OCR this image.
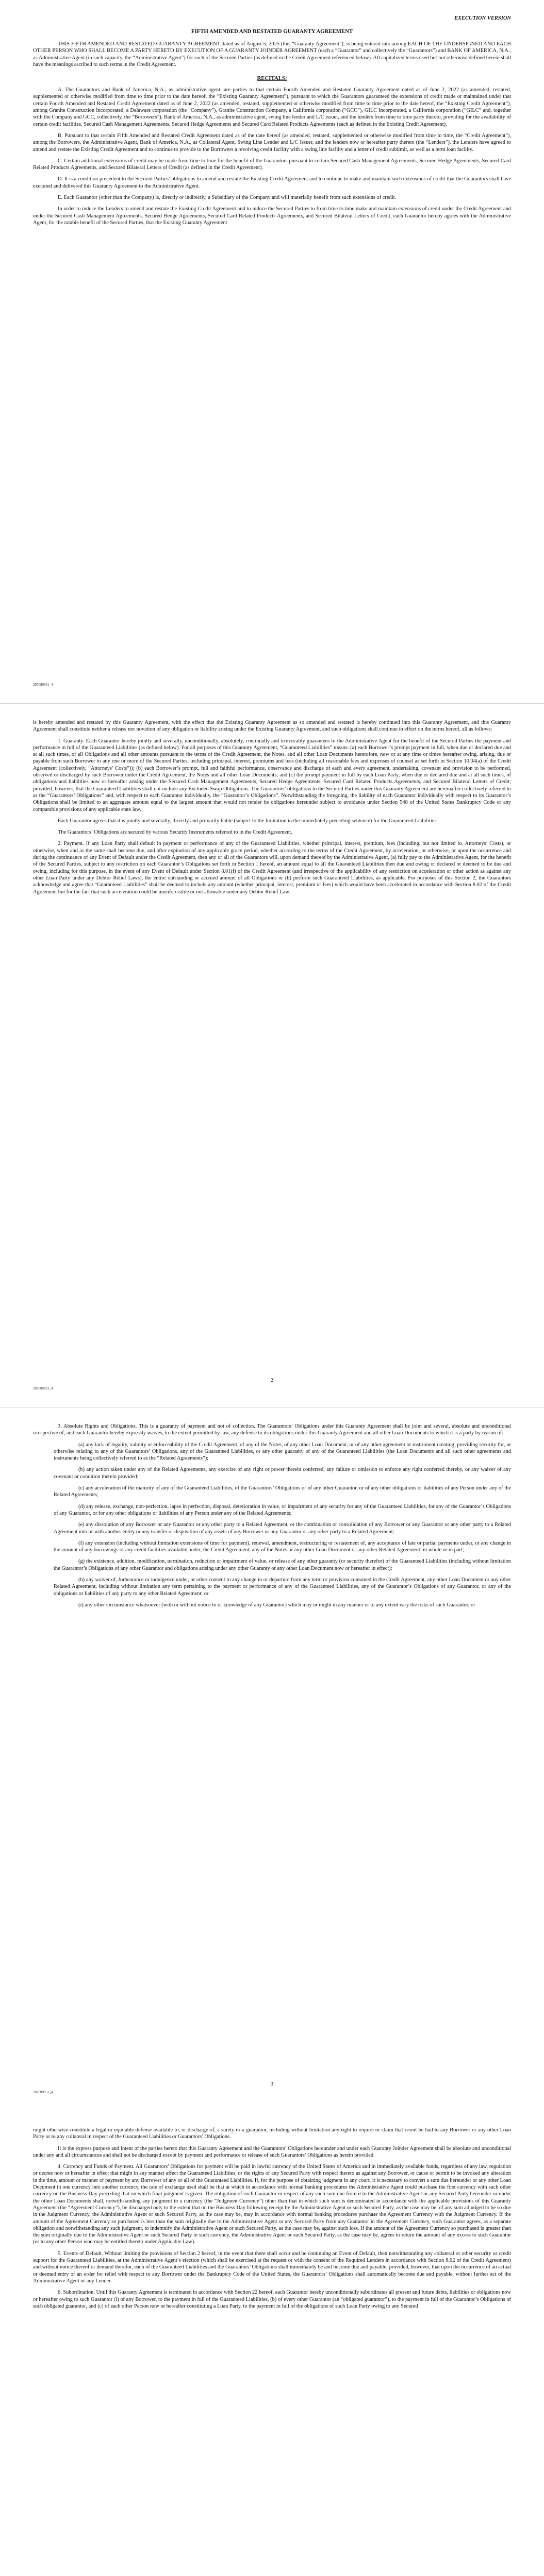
EXECUTION VERSION
FIFTH AMENDED AND RESTATED GUARANTY AGREEMENT

THIS FIFTH AMENDED AND RESTATED GUARANTY AGREEMENT dated as of August 5, 2025 (this “Guaranty Agreement”), is being entered into among EACH OF THE UNDERSIGNED AND EACH OTHER PERSON WHO SHALL BECOME A PARTY HERETO BY EXECUTION OF A GUARANTY JOINDER AGREEMENT (each a “Guarantor” and collectively the “Guarantors”) and BANK OF AMERICA, N.A., as Administrative Agent (in such capacity, the “Administrative Agent”) for each of the Secured Parties (as defined in the Credit Agreement referenced below). All capitalized terms used but not otherwise defined herein shall have the meanings ascribed to such terms in the Credit Agreement.

RECITALS:

A. The Guarantors and Bank of America, N.A., as administrative agent, are parties to that certain Fourth Amended and Restated Guaranty Agreement dated as of June 2, 2022 (as amended, restated, supplemented or otherwise modified from time to time prior to the date hereof, the “Existing Guaranty Agreement”), pursuant to which the Guarantors guaranteed the extensions of credit made or maintained under that certain Fourth Amended and Restated Credit Agreement dated as of June 2, 2022 (as amended, restated, supplemented or otherwise modified from time to time prior to the date hereof, the “Existing Credit Agreement”), among Granite Construction Incorporated, a Delaware corporation (the “Company”), Granite Construction Company, a California corporation (“GCC”), GILC Incorporated, a California corporation (“GILC” and, together with the Company and GCC, collectively, the “Borrowers”), Bank of America, N.A., as administrative agent, swing line lender and L/C issuer, and the lenders from time to time party thereto, providing for the availability of certain credit facilities, Secured Cash Management Agreements, Secured Hedge Agreements and Secured Card Related Products Agreements (each as defined in the Existing Credit Agreement).

B. Pursuant to that certain Fifth Amended and Restated Credit Agreement dated as of the date hereof (as amended, restated, supplemented or otherwise modified from time to time, the “Credit Agreement”), among the Borrowers, the Administrative Agent, Bank of America, N.A., as Collateral Agent, Swing Line Lender and L/C Issuer, and the lenders now or hereafter party thereto (the “Lenders”), the Lenders have agreed to amend and restate the Existing Credit Agreement and to continue to provide to the Borrowers a revolving credit facility with a swing line facility and a letter of credit sublimit, as well as a term loan facility.

C. Certain additional extensions of credit may be made from time to time for the benefit of the Guarantors pursuant to certain Secured Cash Management Agreements, Secured Hedge Agreements, Secured Card Related Products Agreements, and Secured Bilateral Letters of Credit (as defined in the Credit Agreement).

D. It is a condition precedent to the Secured Parties’ obligations to amend and restate the Existing Credit Agreement and to continue to make and maintain such extensions of credit that the Guarantors shall have executed and delivered this Guaranty Agreement to the Administrative Agent.

E. Each Guarantor (other than the Company) is, directly or indirectly, a Subsidiary of the Company and will materially benefit from such extensions of credit.

In order to induce the Lenders to amend and restate the Existing Credit Agreement and to induce the Secured Parties to from time to time make and maintain extensions of credit under the Credit Agreement and under the Secured Cash Management Agreements, Secured Hedge Agreements, Secured Card Related Products Agreements, and Secured Bilateral Letters of Credit, each Guarantor hereby agrees with the Administrative Agent, for the ratable benefit of the Secured Parties, that the Existing Guaranty Agreement

207089851_4

is hereby amended and restated by this Guaranty Agreement, with the effect that the Existing Guaranty Agreement as so amended and restated is hereby continued into this Guaranty Agreement, and this Guaranty Agreement shall constitute neither a release nor novation of any obligation or liability arising under the Existing Guaranty Agreement, and such obligations shall continue in effect on the terms hereof, all as follows:

1. Guaranty. Each Guarantor hereby jointly and severally, unconditionally, absolutely, continually and irrevocably guarantees to the Administrative Agent for the benefit of the Secured Parties the payment and performance in full of the Guaranteed Liabilities (as defined below). For all purposes of this Guaranty Agreement, “Guaranteed Liabilities” means: (a) each Borrower’s prompt payment in full, when due or declared due and at all such times, of all Obligations and all other amounts pursuant to the terms of the Credit Agreement, the Notes, and all other Loan Documents heretofore, now or at any time or times hereafter owing, arising, due or payable from such Borrower to any one or more of the Secured Parties, including principal, interest, premiums and fees (including all reasonable fees and expenses of counsel as set forth in Section 10.04(a) of the Credit Agreement (collectively, “Attorneys’ Costs”)); (b) each Borrower’s prompt, full and faithful performance, observance and discharge of each and every agreement, undertaking, covenant and provision to be performed, observed or discharged by such Borrower under the Credit Agreement, the Notes and all other Loan Documents; and (c) the prompt payment in full by each Loan Party, when due or declared due and at all such times, of obligations and liabilities now or hereafter arising under the Secured Cash Management Agreements, Secured Hedge Agreements, Secured Card Related Products Agreements, and Secured Bilateral Letters of Credit; provided, however, that the Guaranteed Liabilities shall not include any Excluded Swap Obligations. The Guarantors’ obligations to the Secured Parties under this Guaranty Agreement are hereinafter collectively referred to as the “Guarantors’ Obligations” and, with respect to each Guarantor individually, the “Guarantor’s Obligations”. Notwithstanding the foregoing, the liability of each Guarantor individually with respect to its Guarantor’s Obligations shall be limited to an aggregate amount equal to the largest amount that would not render its obligations hereunder subject to avoidance under Section 548 of the United States Bankruptcy Code or any comparable provisions of any applicable state law.

Each Guarantor agrees that it is jointly and severally, directly and primarily liable (subject to the limitation in the immediately preceding sentence) for the Guaranteed Liabilities.

The Guarantors’ Obligations are secured by various Security Instruments referred to in the Credit Agreement.

2. Payment. If any Loan Party shall default in payment or performance of any of the Guaranteed Liabilities, whether principal, interest, premium, fees (including, but not limited to, Attorneys’ Costs), or otherwise, when and as the same shall become due, and after expiration of any applicable grace period, whether according to the terms of the Credit Agreement, by acceleration, or otherwise, or upon the occurrence and during the continuance of any Event of Default under the Credit Agreement, then any or all of the Guarantors will, upon demand thereof by the Administrative Agent, (a) fully pay to the Administrative Agent, for the benefit of the Secured Parties, subject to any restriction on each Guarantor’s Obligations set forth in Section 1 hereof, an amount equal to all the Guaranteed Liabilities then due and owing or declared or deemed to be due and owing, including for this purpose, in the event of any Event of Default under Section 8.01(f) of the Credit Agreement (and irrespective of the applicability of any restriction on acceleration or other action as against any other Loan Party under any Debtor Relief Laws), the entire outstanding or accrued amount of all Obligations or (b) perform such Guaranteed Liabilities, as applicable. For purposes of this Section 2, the Guarantors acknowledge and agree that “Guaranteed Liabilities” shall be deemed to include any amount (whether principal, interest, premium or fees) which would have been accelerated in accordance with Section 8.02 of the Credit Agreement but for the fact that such acceleration could be unenforceable or not allowable under any Debtor Relief Law.

2
207089851_4

3. Absolute Rights and Obligations. This is a guaranty of payment and not of collection. The Guarantors’ Obligations under this Guaranty Agreement shall be joint and several, absolute and unconditional irrespective of, and each Guarantor hereby expressly waives, to the extent permitted by law, any defense to its obligations under this Guaranty Agreement and all other Loan Documents to which it is a party by reason of:

(a) any lack of legality, validity or enforceability of the Credit Agreement, of any of the Notes, of any other Loan Document, or of any other agreement or instrument creating, providing security for, or otherwise relating to any of the Guarantors’ Obligations, any of the Guaranteed Liabilities, or any other guaranty of any of the Guaranteed Liabilities (the Loan Documents and all such other agreements and instruments being collectively referred to as the “Related Agreements”);

(b) any action taken under any of the Related Agreements, any exercise of any right or power therein conferred, any failure or omission to enforce any right conferred thereby, or any waiver of any covenant or condition therein provided;

(c) any acceleration of the maturity of any of the Guaranteed Liabilities, of the Guarantors’ Obligations or of any other Guarantor, or of any other obligations or liabilities of any Person under any of the Related Agreements;

(d) any release, exchange, non-perfection, lapse in perfection, disposal, deterioration in value, or impairment of any security for any of the Guaranteed Liabilities, for any of the Guarantor’s Obligations of any Guarantor, or for any other obligations or liabilities of any Person under any of the Related Agreements;

(e) any dissolution of any Borrower or any Guarantor or any other party to a Related Agreement, or the combination or consolidation of any Borrower or any Guarantor or any other party to a Related Agreement into or with another entity or any transfer or disposition of any assets of any Borrower or any Guarantor or any other party to a Related Agreement;

(f) any extension (including without limitation extensions of time for payment), renewal, amendment, restructuring or restatement of, any acceptance of late or partial payments under, or any change in the amount of any borrowings or any credit facilities available under, the Credit Agreement, any of the Notes or any other Loan Document or any other Related Agreement, in whole or in part;

(g) the existence, addition, modification, termination, reduction or impairment of value, or release of any other guaranty (or security therefor) of the Guaranteed Liabilities (including without limitation the Guarantor’s Obligations of any other Guarantor and obligations arising under any other Guaranty or any other Loan Document now or hereafter in effect);

(h) any waiver of, forbearance or indulgence under, or other consent to any change in or departure from any term or provision contained in the Credit Agreement, any other Loan Document or any other Related Agreement, including without limitation any term pertaining to the payment or performance of any of the Guaranteed Liabilities, any of the Guarantor’s Obligations of any Guarantor, or any of the obligations or liabilities of any party to any other Related Agreement; or

(i) any other circumstance whatsoever (with or without notice to or knowledge of any Guarantor) which may or might in any manner or to any extent vary the risks of such Guarantor, or

3
207089851_4

might otherwise constitute a legal or equitable defense available to, or discharge of, a surety or a guarantor, including without limitation any right to require or claim that resort be had to any Borrower or any other Loan Party or to any collateral in respect of the Guaranteed Liabilities or Guarantors’ Obligations.

It is the express purpose and intent of the parties hereto that this Guaranty Agreement and the Guarantors’ Obligations hereunder and under each Guaranty Joinder Agreement shall be absolute and unconditional under any and all circumstances and shall not be discharged except by payment and performance or release of such Guarantors’ Obligations as herein provided.

4. Currency and Funds of Payment. All Guarantors’ Obligations for payment will be paid in lawful currency of the United States of America and in immediately available funds, regardless of any law, regulation or decree now or hereafter in effect that might in any manner affect the Guaranteed Liabilities, or the rights of any Secured Party with respect thereto as against any Borrower, or cause or permit to be invoked any alteration in the time, amount or manner of payment by any Borrower of any or all of the Guaranteed Liabilities. If, for the purpose of obtaining judgment in any court, it is necessary to convert a sum due hereunder or any other Loan Document in one currency into another currency, the rate of exchange used shall be that at which in accordance with normal banking procedures the Administrative Agent could purchase the first currency with such other currency on the Business Day preceding that on which final judgment is given. The obligation of each Guarantor in respect of any such sum due from it to the Administrative Agent or any Secured Party hereunder or under the other Loan Documents shall, notwithstanding any judgment in a currency (the “Judgment Currency”) other than that in which such sum is denominated in accordance with the applicable provisions of this Guaranty Agreement (the “Agreement Currency”), be discharged only to the extent that on the Business Day following receipt by the Administrative Agent or such Secured Party, as the case may be, of any sum adjudged to be so due in the Judgment Currency, the Administrative Agent or such Secured Party, as the case may be, may in accordance with normal banking procedures purchase the Agreement Currency with the Judgment Currency. If the amount of the Agreement Currency so purchased is less than the sum originally due to the Administrative Agent or any Secured Party from any Guarantor in the Agreement Currency, such Guarantor agrees, as a separate obligation and notwithstanding any such judgment, to indemnify the Administrative Agent or such Secured Party, as the case may be, against such loss. If the amount of the Agreement Currency so purchased is greater than the sum originally due to the Administrative Agent or such Secured Party in such currency, the Administrative Agent or such Secured Party, as the case may be, agrees to return the amount of any excess to such Guarantor (or to any other Person who may be entitled thereto under Applicable Law).

5. Events of Default. Without limiting the provisions of Section 2 hereof, in the event that there shall occur and be continuing an Event of Default, then notwithstanding any collateral or other security or credit support for the Guaranteed Liabilities, at the Administrative Agent’s election (which shall be exercised at the request or with the consent of the Required Lenders in accordance with Section 8.02 of the Credit Agreement) and without notice thereof or demand therefor, each of the Guaranteed Liabilities and the Guarantors’ Obligations shall immediately be and become due and payable; provided, however, that upon the occurrence of an actual or deemed entry of an order for relief with respect to any Borrower under the Bankruptcy Code of the United States, the Guarantors’ Obligations shall automatically become due and payable, without further act of the Administrative Agent or any Lender.

6. Subordination. Until this Guaranty Agreement is terminated in accordance with Section 22 hereof, each Guarantor hereby unconditionally subordinates all present and future debts, liabilities or obligations now or hereafter owing to such Guarantor (i) of any Borrower, to the payment in full of the Guaranteed Liabilities, (b) of every other Guarantor (an “obligated guarantor”), to the payment in full of the Guarantor’s Obligations of such obligated guarantor, and (c) of each other Person now or hereafter constituting a Loan Party, to the payment in full of the obligations of such Loan Party owing to any Secured
